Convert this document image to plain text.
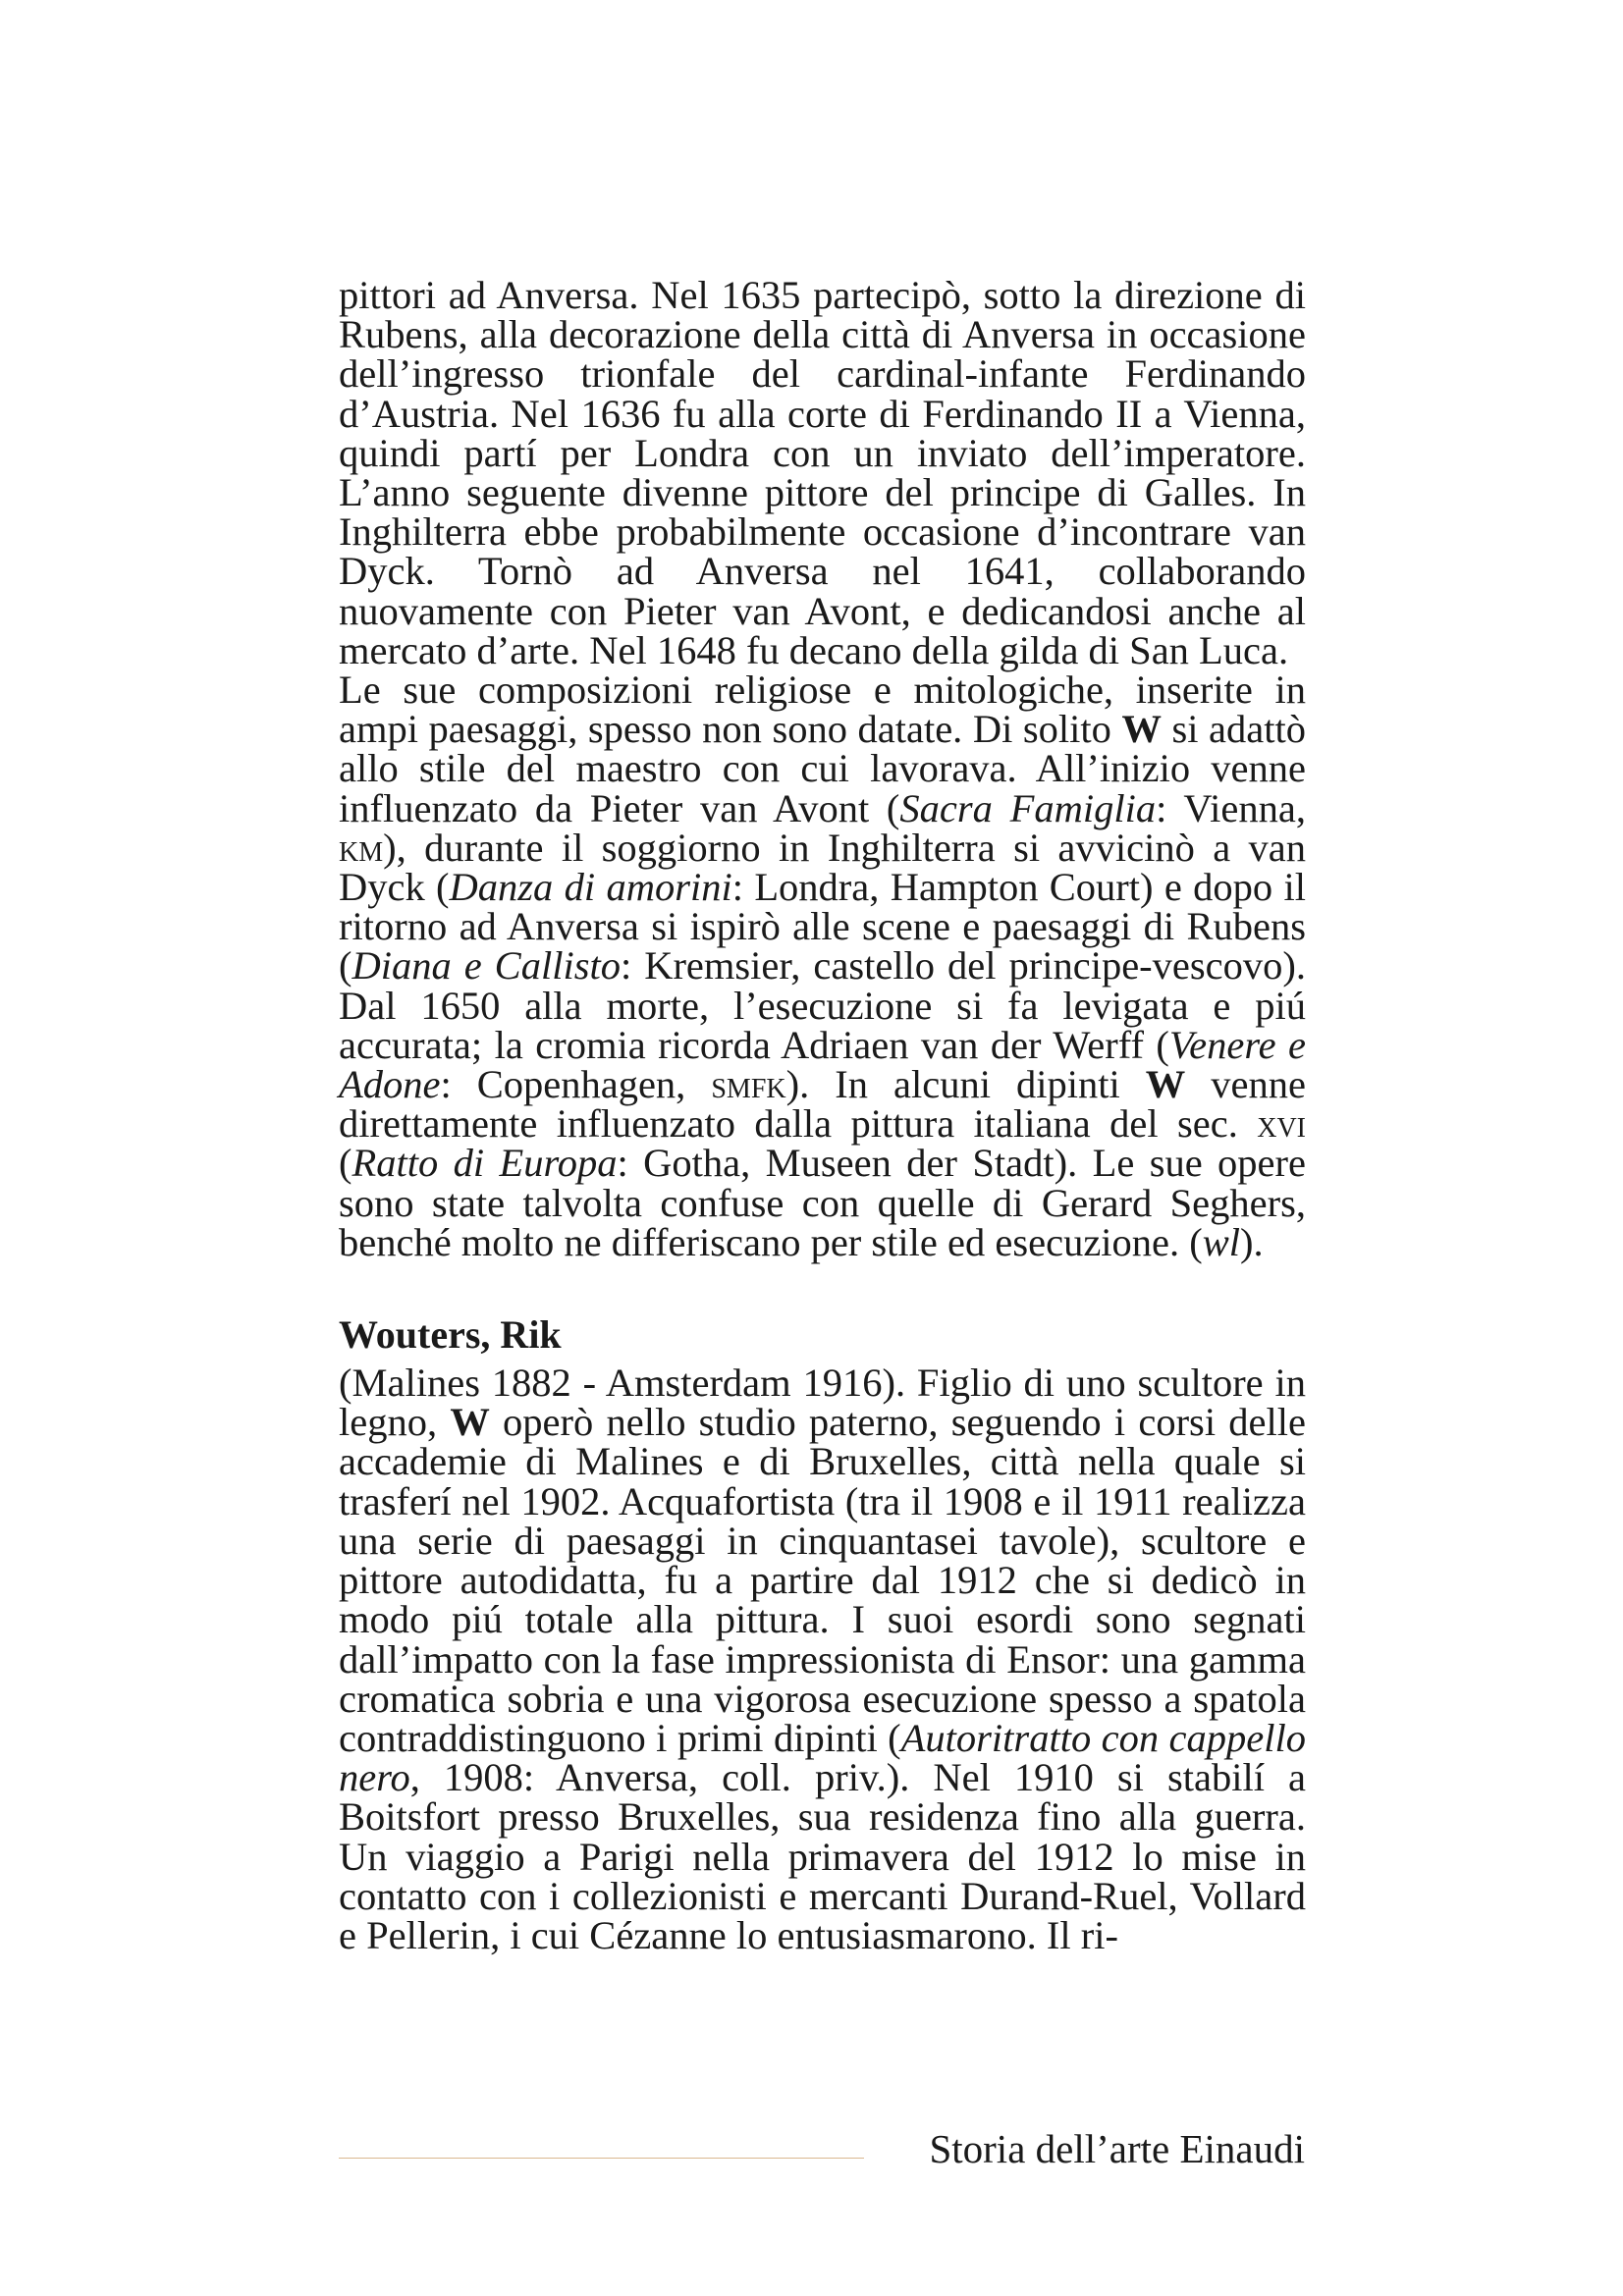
pittori ad Anversa. Nel 1635 partecipò, sotto la direzione di Rubens, alla decorazione della città di Anversa in occasione dell’ingresso trionfale del cardinal-infante Ferdinando d’Austria. Nel 1636 fu alla corte di Ferdinando II a Vienna, quindi partí per Londra con un inviato dell’imperatore. L’anno seguente divenne pittore del principe di Galles. In Inghilterra ebbe probabilmente occasione d’incontrare van Dyck. Tornò ad Anversa nel 1641, collaborando nuovamente con Pieter van Avont, e dedicandosi anche al mercato d’arte. Nel 1648 fu decano della gilda di San Luca.

Le sue composizioni religiose e mitologiche, inserite in ampi paesaggi, spesso non sono datate. Di solito W si adattò allo stile del maestro con cui lavorava. All’inizio venne influenzato da Pieter van Avont (Sacra Famiglia: Vienna, km), durante il soggiorno in Inghilterra si avvicinò a van Dyck (Danza di amorini: Londra, Hampton Court) e dopo il ritorno ad Anversa si ispirò alle scene e paesaggi di Rubens (Diana e Callisto: Kremsier, castello del principe-vescovo). Dal 1650 alla morte, l’esecuzione si fa levigata e piú accurata; la cromia ricorda Adriaen van der Werff (Venere e Adone: Copenhagen, smfk). In alcuni dipinti W venne direttamente influenzato dalla pittura italiana del sec. xvi (Ratto di Europa: Gotha, Museen der Stadt). Le sue opere sono state talvolta confuse con quelle di Gerard Seghers, benché molto ne differiscano per stile ed esecuzione. (wl).

Wouters, Rik

(Malines 1882 - Amsterdam 1916). Figlio di uno scultore in legno, W operò nello studio paterno, seguendo i corsi delle accademie di Malines e di Bruxelles, città nella quale si trasferí nel 1902. Acquafortista (tra il 1908 e il 1911 realizza una serie di paesaggi in cinquantasei tavole), scultore e pittore autodidatta, fu a partire dal 1912 che si dedicò in modo piú totale alla pittura. I suoi esordi sono segnati dall’impatto con la fase impressionista di Ensor: una gamma cromatica sobria e una vigorosa esecuzione spesso a spatola contraddistinguono i primi dipinti (Autoritratto con cappello nero, 1908: Anversa, coll. priv.). Nel 1910 si stabilí a Boitsfort presso Bruxelles, sua residenza fino alla guerra. Un viaggio a Parigi nella primavera del 1912 lo mise in contatto con i collezionisti e mercanti Durand-Ruel, Vollard e Pellerin, i cui Cézanne lo entusiasmarono. Il ri-

Storia dell’arte Einaudi
